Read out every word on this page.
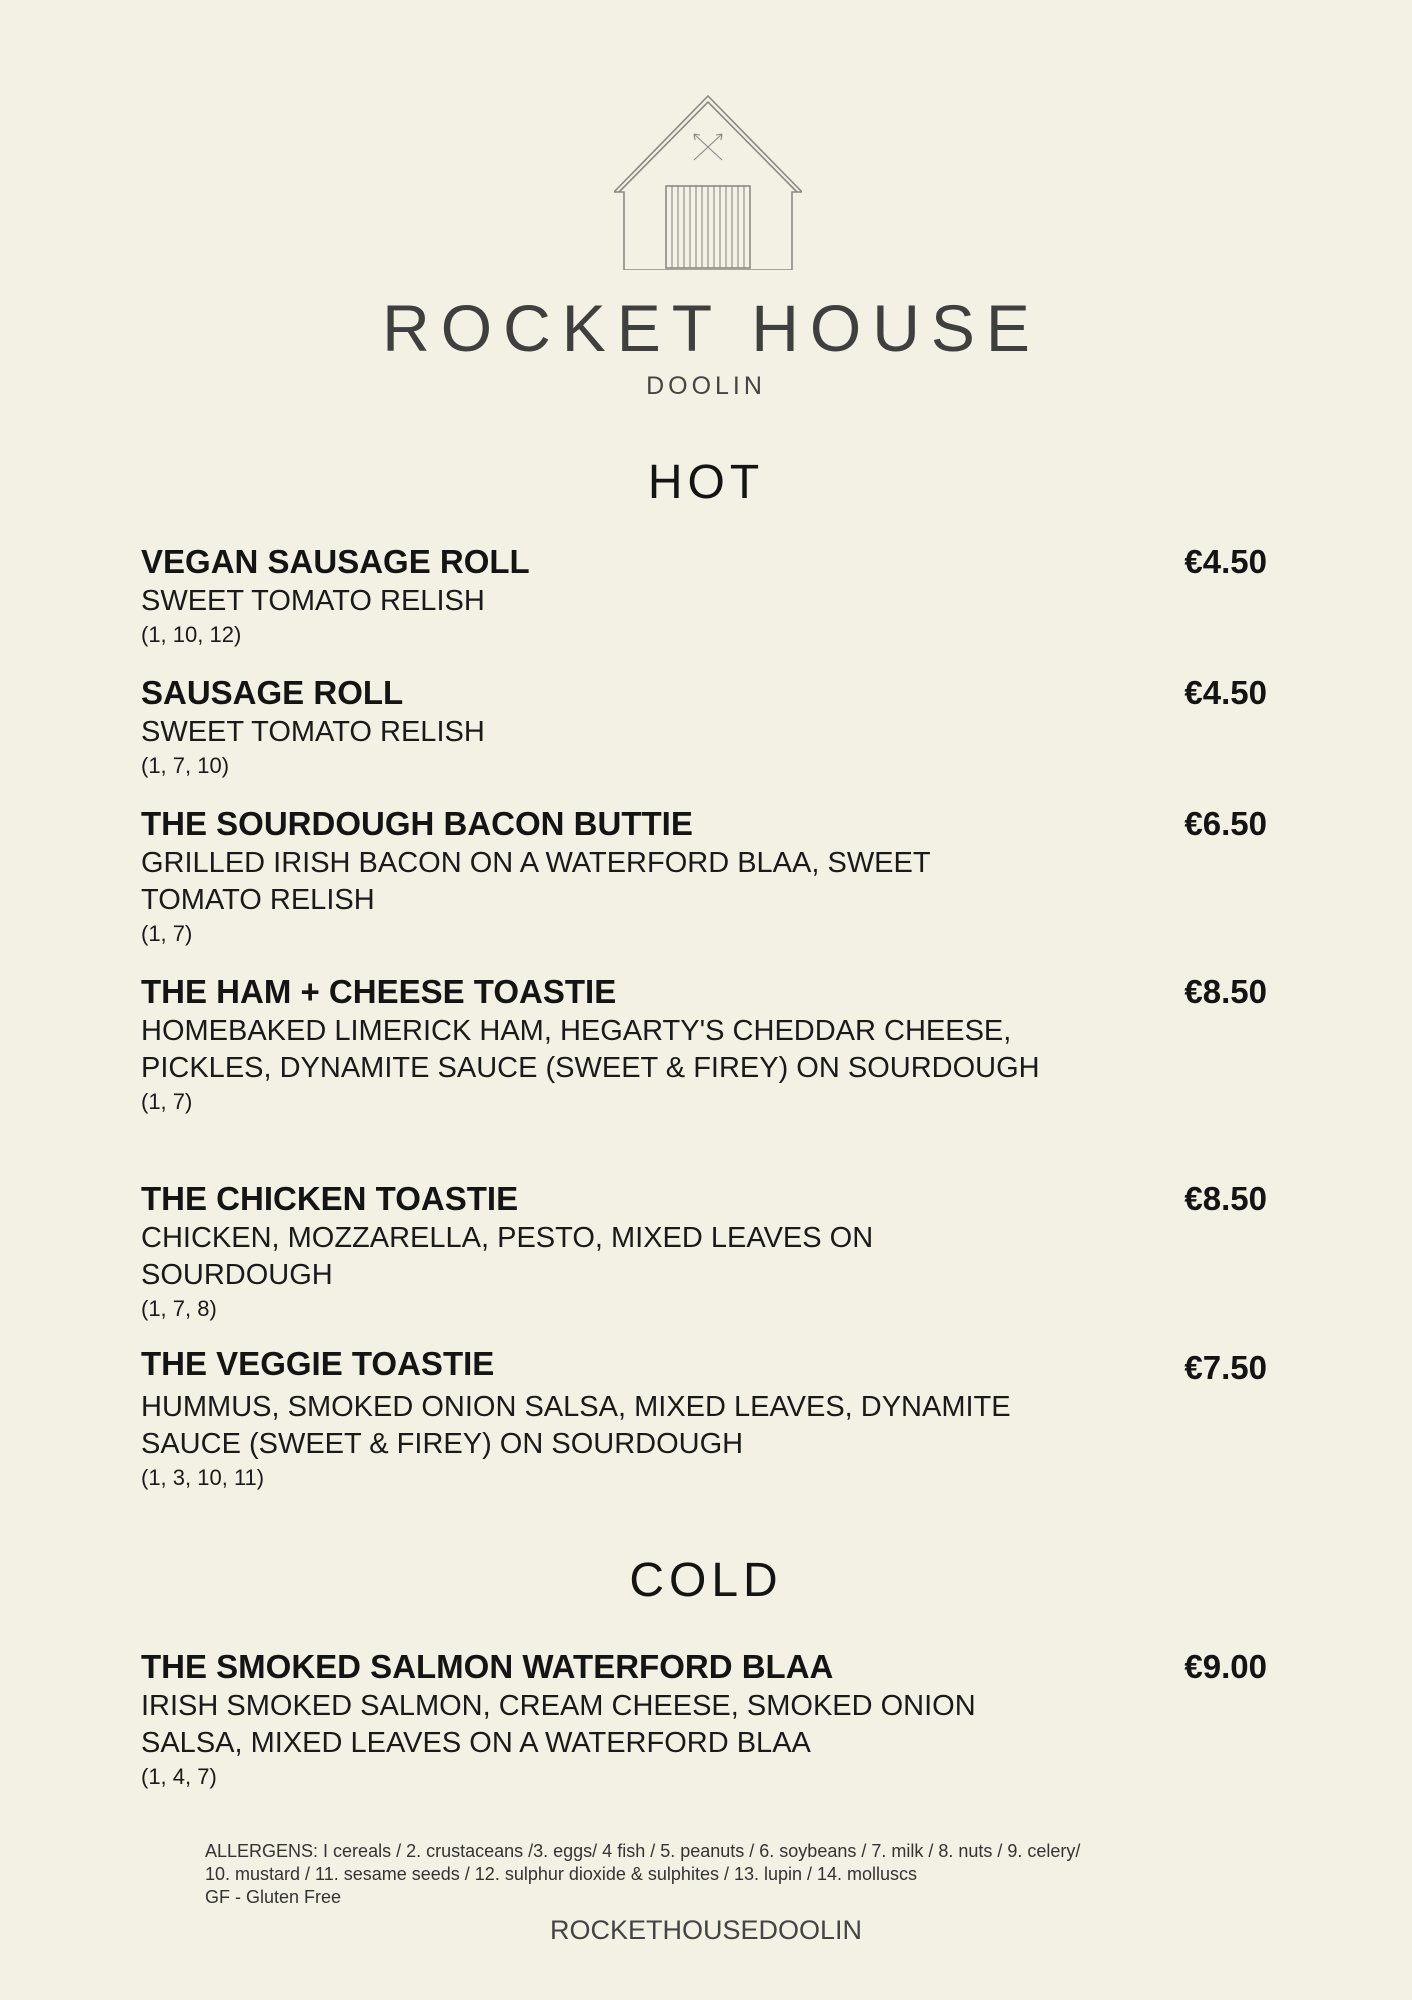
ROCKET HOUSE
DOOLIN
HOT
VEGAN SAUSAGE ROLL	€4.50
SWEET TOMATO RELISH
(1, 10, 12)
SAUSAGE ROLL	€4.50
SWEET TOMATO RELISH
(1, 7, 10)
THE SOURDOUGH BACON BUTTIE	€6.50
GRILLED IRISH BACON ON A WATERFORD BLAA, SWEET TOMATO RELISH
(1, 7)
THE HAM + CHEESE TOASTIE	€8.50
HOMEBAKED LIMERICK HAM, HEGARTY'S CHEDDAR CHEESE, PICKLES, DYNAMITE SAUCE (SWEET & FIREY) ON SOURDOUGH
(1, 7)
THE CHICKEN TOASTIE	€8.50
CHICKEN, MOZZARELLA, PESTO, MIXED LEAVES ON SOURDOUGH
(1, 7, 8)
THE VEGGIE TOASTIE	€7.50
HUMMUS, SMOKED ONION SALSA, MIXED LEAVES, DYNAMITE SAUCE (SWEET & FIREY) ON SOURDOUGH
(1, 3, 10, 11)
COLD
THE SMOKED SALMON WATERFORD BLAA	€9.00
IRISH SMOKED SALMON, CREAM CHEESE, SMOKED ONION SALSA, MIXED LEAVES ON A WATERFORD BLAA
(1, 4, 7)
ALLERGENS: I cereals / 2. crustaceans /3. eggs/ 4 fish / 5. peanuts / 6. soybeans / 7. milk / 8. nuts / 9. celery/
10. mustard / 11. sesame seeds / 12. sulphur dioxide & sulphites / 13. lupin / 14. molluscs
GF - Gluten Free
ROCKETHOUSEDOOLIN
